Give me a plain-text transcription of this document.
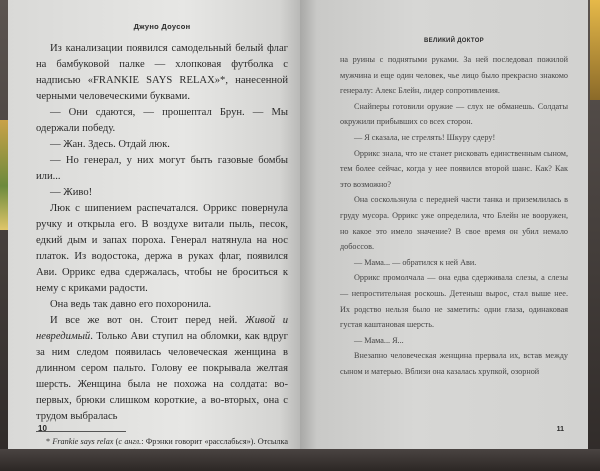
Джуно Доусон

Из канализации появился самодельный белый флаг на бамбуковой палке — хлопковая футболка с надписью «FRANKIE SAYS RELAX»*, нанесенной черными человеческими буквами.

— Они сдаются, — прошептал Брун. — Мы одержали победу.

— Жан. Здесь. Отдай люк.

— Но генерал, у них могут быть газовые бомбы или...

— Живо!

Люк с шипением распечатался. Оррикс повернула ручку и открыла его. В воздухе витали пыль, песок, едкий дым и запах пороха. Генерал натянула на нос платок. Из водостока, держа в руках флаг, появился Ави. Оррикс едва сдержалась, чтобы не броситься к нему с криками радости.

Она ведь так давно его похоронила.

И все же вот он. Стоит перед ней. Живой и невредимый. Только Ави ступил на обломки, как вдруг за ним следом появилась человеческая женщина в длинном сером пальто. Голову ее покрывала желтая шерсть. Женщина была не похожа на солдата: во-первых, брюки слишком короткие, а во-вторых, она с трудом выбралась

* Frankie says relax (с англ.: Фрэнки говорит «расслабься»). Отсылка

10
ВЕЛИКИЙ ДОКТОР

на руины с поднятыми руками. За ней последовал пожилой мужчина и еще один человек, чье лицо было прекрасно знакомо генералу: Алекс Блейн, лидер сопротивления.

Снайперы готовили оружие — слух не обманешь. Солдаты окружили прибывших со всех сторон.

— Я сказала, не стрелять! Шкуру сдеру!

Оррикс знала, что не станет рисковать единственным сыном, тем более сейчас, когда у нее появился второй шанс. Как? Как это возможно?

Она соскользнула с передней части танка и приземлилась в груду мусора. Оррикс уже определила, что Блейн не вооружен, но какое это имело значение? В свое время он убил немало добоссов.

— Мама... — обратился к ней Ави.

Оррикс промолчала — она едва сдерживала слезы, а слезы — непростительная роскошь. Детеныш вырос, стал выше нее. Их родство нельзя было не заметить: одни глаза, одинаковая густая каштановая шерсть.

— Мама... Я...

Внезапно человеческая женщина прервала их, встав между сыном и матерью. Вблизи она казалась хрупкой, озорной

11
